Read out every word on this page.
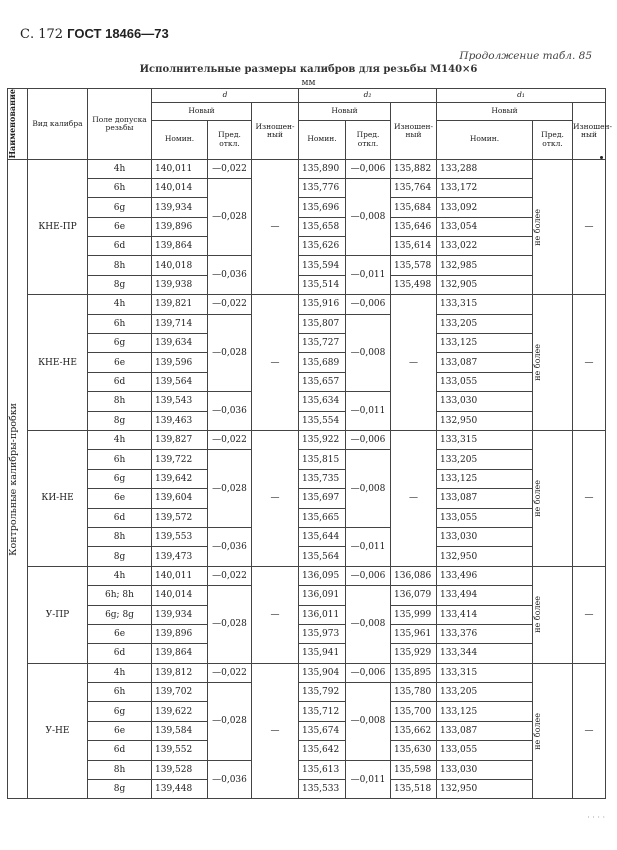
С. 172 ГОСТ 18466—73
Продолжение табл. 85
Исполнительные размеры калибров для резьбы М140×6
мм
Наименование	Вид калибра	Поле допуска резьбы	d			d₂			d₁		
			Новый		Изношен-ный	Новый		Изношен-ный	Новый		Изношен-ный
			Номин.	Пред. откл.		Номин.	Пред. откл.		Номин.	Пред. откл.	

Контрольные калибры-пробки	КНЕ-ПР	4h	140,011	—0,022	—	135,890	—0,006	135,882	133,288	не более	—
		6h	140,014	—0,028		135,776	—0,008	135,764	133,172		
		6g	139,934			135,696		135,684	133,092		
		6e	139,896			135,658		135,646	133,054		
		6d	139,864			135,626		135,614	133,022		
		8h	140,018	—0,036		135,594	—0,011	135,578	132,985		
		8g	139,938			135,514		135,498	132,905		
	КНЕ-НЕ	4h	139,821	—0,022	—	135,916	—0,006	—	133,315	не более	—
		6h	139,714	—0,028		135,807	—0,008		133,205		
		6g	139,634			135,727			133,125		
		6e	139,596			135,689			133,087		
		6d	139,564			135,657			133,055		
		8h	139,543	—0,036		135,634	—0,011		133,030		
		8g	139,463			135,554			132,950		
	КИ-НЕ	4h	139,827	—0,022	—	135,922	—0,006	—	133,315	не более	—
		6h	139,722	—0,028		135,815	—0,008		133,205		
		6g	139,642			135,735			133,125		
		6e	139,604			135,697			133,087		
		6d	139,572			135,665			133,055		
		8h	139,553	—0,036		135,644	—0,011		133,030		
		8g	139,473			135,564			132,950		
	У-ПР	4h	140,011	—0,022	—	136,095	—0,006	136,086	133,496	не более	—
		6h; 8h	140,014	—0,028		136,091	—0,008	136,079	133,494		
		6g; 8g	139,934			136,011		135,999	133,414		
		6e	139,896			135,973		135,961	133,376		
		6d	139,864			135,941		135,929	133,344		
	У-НЕ	4h	139,812	—0,022	—	135,904	—0,006	135,895	133,315	не более	—
		6h	139,702	—0,028		135,792	—0,008	135,780	133,205		
		6g	139,622			135,712		135,700	133,125		
		6e	139,584			135,674		135,662	133,087		
		6d	139,552			135,642		135,630	133,055		
		8h	139,528	—0,036		135,613	—0,011	135,598	133,030		
		8g	139,448			135,533		135,518	132,950		
· · · ·
